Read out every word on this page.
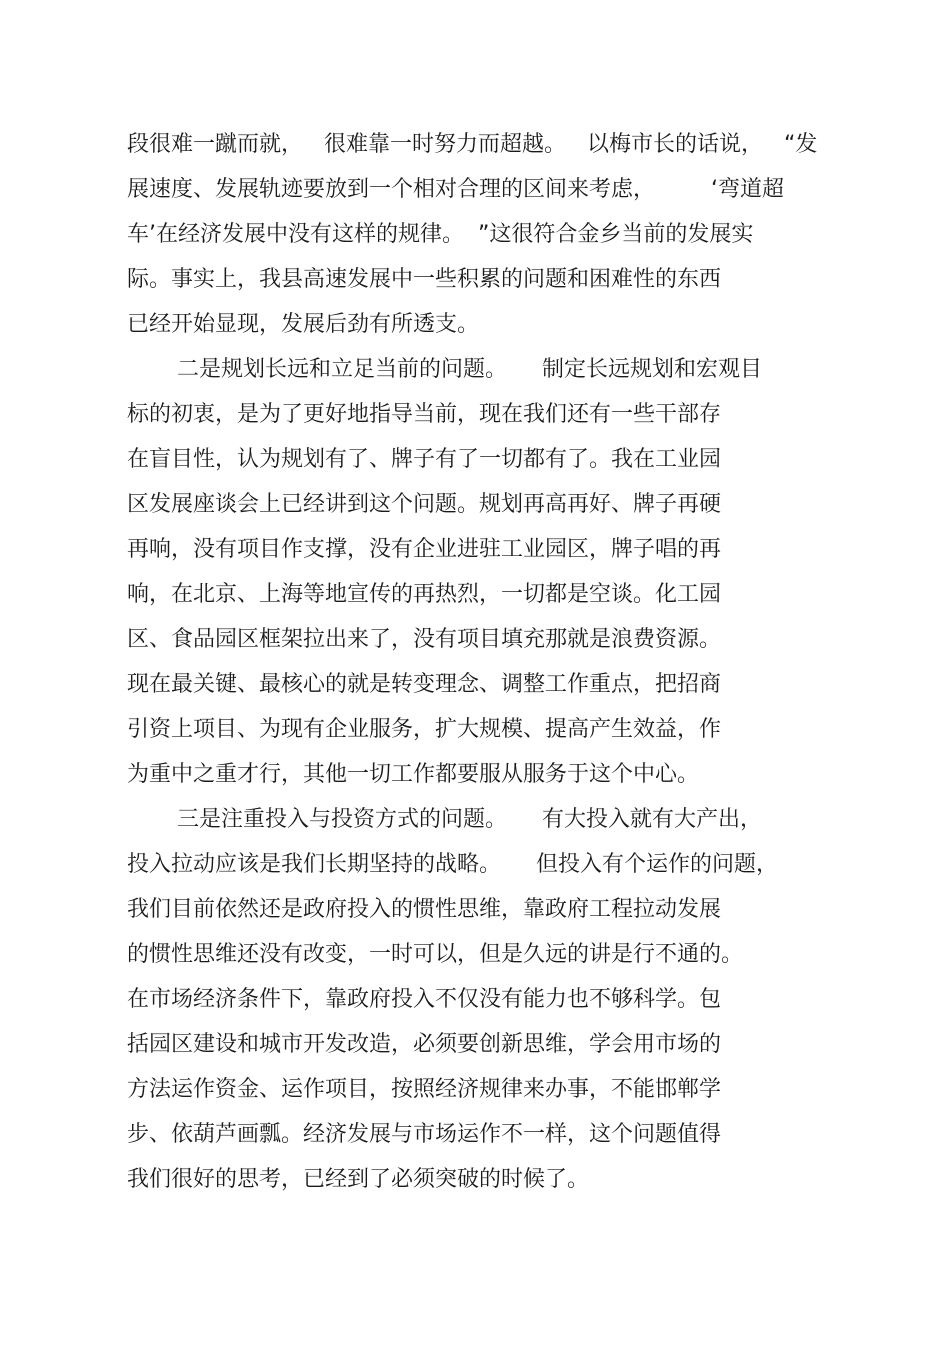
段很难一蹴而就，   很难靠一时努力而超越。   以梅市长的话说，   “发
展速度、发展轨迹要放到一个相对合理的区间来考虑，        ‘弯道超
车’在经济发展中没有这样的规律。  ”这很符合金乡当前的发展实
际。事实上，我县高速发展中一些积累的问题和困难性的东西
已经开始显现，发展后劲有所透支。
二是规划长远和立足当前的问题。     制定长远规划和宏观目
标的初衷，是为了更好地指导当前，现在我们还有一些干部存
在盲目性，认为规划有了、牌子有了一切都有了。我在工业园
区发展座谈会上已经讲到这个问题。规划再高再好、牌子再硬
再响，没有项目作支撑，没有企业进驻工业园区，牌子唱的再
响，在北京、上海等地宣传的再热烈，一切都是空谈。化工园
区、食品园区框架拉出来了，没有项目填充那就是浪费资源。
现在最关键、最核心的就是转变理念、调整工作重点，把招商
引资上项目、为现有企业服务，扩大规模、提高产生效益，作
为重中之重才行，其他一切工作都要服从服务于这个中心。
三是注重投入与投资方式的问题。     有大投入就有大产出，
投入拉动应该是我们长期坚持的战略。     但投入有个运作的问题，
我们目前依然还是政府投入的惯性思维，靠政府工程拉动发展
的惯性思维还没有改变，一时可以，但是久远的讲是行不通的。
在市场经济条件下，靠政府投入不仅没有能力也不够科学。包
括园区建设和城市开发改造，必须要创新思维，学会用市场的
方法运作资金、运作项目，按照经济规律来办事，不能邯郸学
步、依葫芦画瓢。经济发展与市场运作不一样，这个问题值得
我们很好的思考，已经到了必须突破的时候了。
